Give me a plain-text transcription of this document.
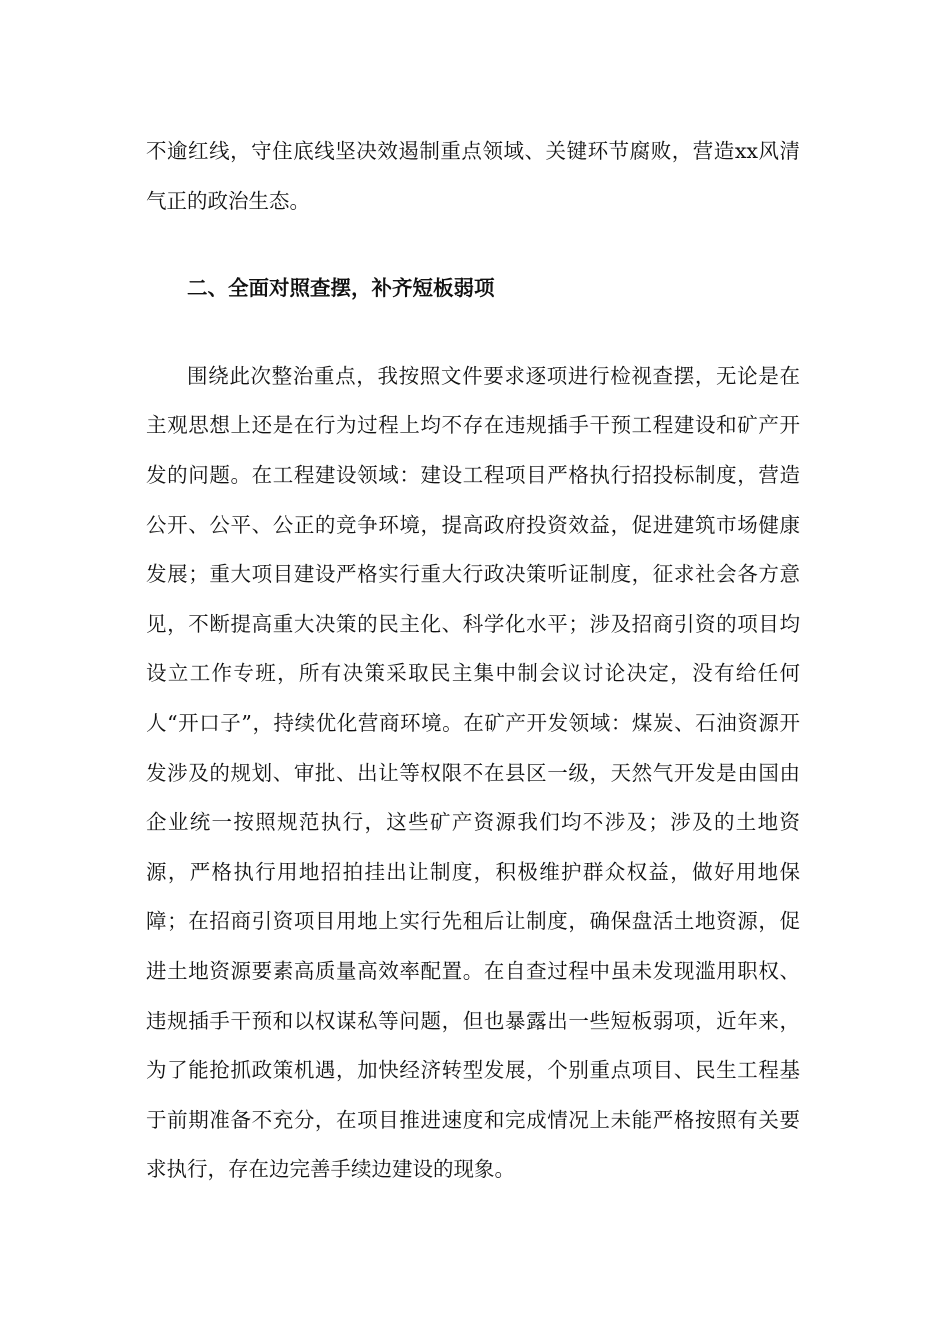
不逾红线，守住底线坚决效遏制重点领域、关键环节腐败，营造xx风清气正的政治生态。

二、全面对照查摆，补齐短板弱项

围绕此次整治重点，我按照文件要求逐项进行检视查摆，无论是在主观思想上还是在行为过程上均不存在违规插手干预工程建设和矿产开发的问题。在工程建设领域：建设工程项目严格执行招投标制度，营造公开、公平、公正的竞争环境，提高政府投资效益，促进建筑市场健康发展；重大项目建设严格实行重大行政决策听证制度，征求社会各方意见，不断提高重大决策的民主化、科学化水平；涉及招商引资的项目均设立工作专班，所有决策采取民主集中制会议讨论决定，没有给任何人“开口子”，持续优化营商环境。在矿产开发领域：煤炭、石油资源开发涉及的规划、审批、出让等权限不在县区一级，天然气开发是由国由企业统一按照规范执行，这些矿产资源我们均不涉及；涉及的土地资源，严格执行用地招拍挂出让制度，积极维护群众权益，做好用地保障；在招商引资项目用地上实行先租后让制度，确保盘活土地资源，促进土地资源要素高质量高效率配置。在自查过程中虽未发现滥用职权、违规插手干预和以权谋私等问题，但也暴露出一些短板弱项，近年来，为了能抢抓政策机遇，加快经济转型发展，个别重点项目、民生工程基于前期准备不充分，在项目推进速度和完成情况上未能严格按照有关要求执行，存在边完善手续边建设的现象。
